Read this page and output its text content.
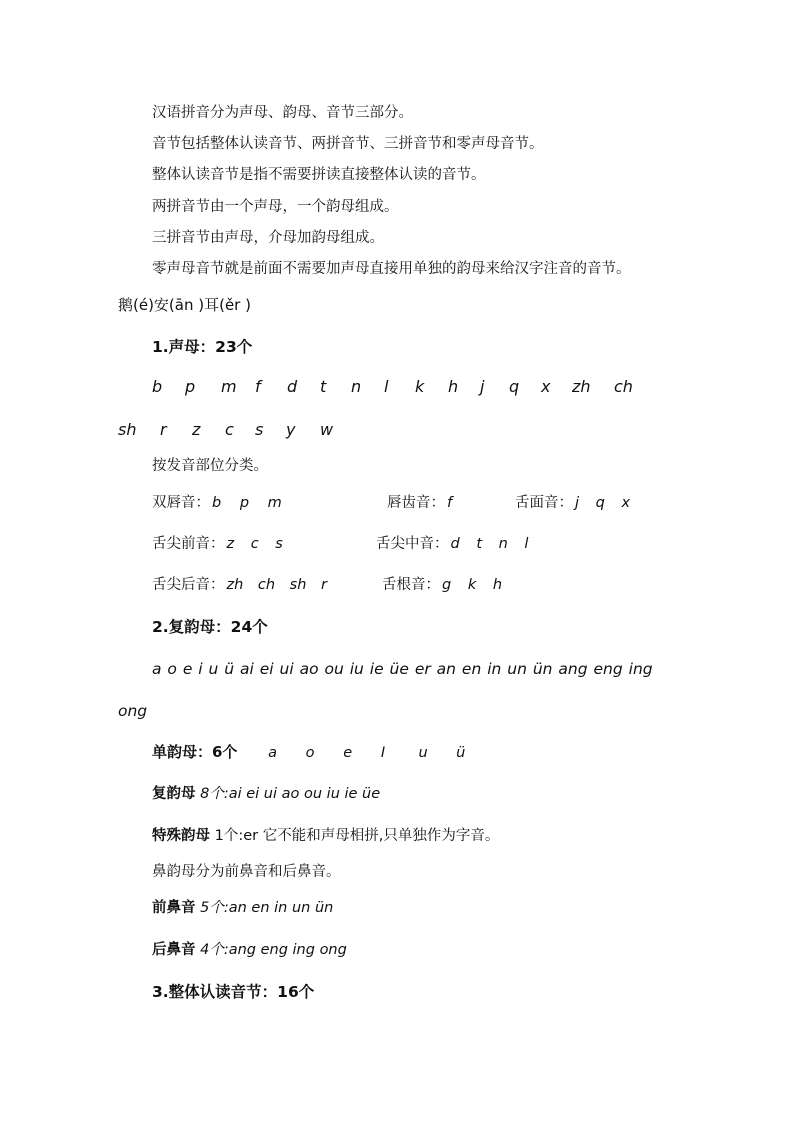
汉语拼音分为声母、韵母、音节三部分。
音节包括整体认读音节、两拼音节、三拼音节和零声母音节。
整体认读音节是指不需要拼读直接整体认读的音节。
两拼音节由一个声母，一个韵母组成。
三拼音节由声母，介母加韵母组成。
零声母音节就是前面不需要加声母直接用单独的韵母来给汉字注音的音节。
鹅(é)安(ān )耳(ěr )
1.声母：23个
b	p	m	f	d	t	n	l	k	h	j	q	x	zh	ch
sh	r	z	c	s	y	w
按发音部位分类。
双唇音： b p m	唇齿音： f	舌面音： j q x
舌尖前音： z c s	舌尖中音： d t n l
舌尖后音： zh ch sh r	舌根音： g k h
2.复韵母：24个
a o e i u ü ai ei ui ao ou iu ie üe er an en in un ün ang eng ing
ong
单韵母：6个 a o e I u ü
复韵母 8个:ai ei ui ao ou iu ie üe
特殊韵母 1个:er 它不能和声母相拼,只单独作为字音。
鼻韵母分为前鼻音和后鼻音。
前鼻音 5个:an en in un ün
后鼻音 4个:ang eng ing ong
3.整体认读音节：16个
